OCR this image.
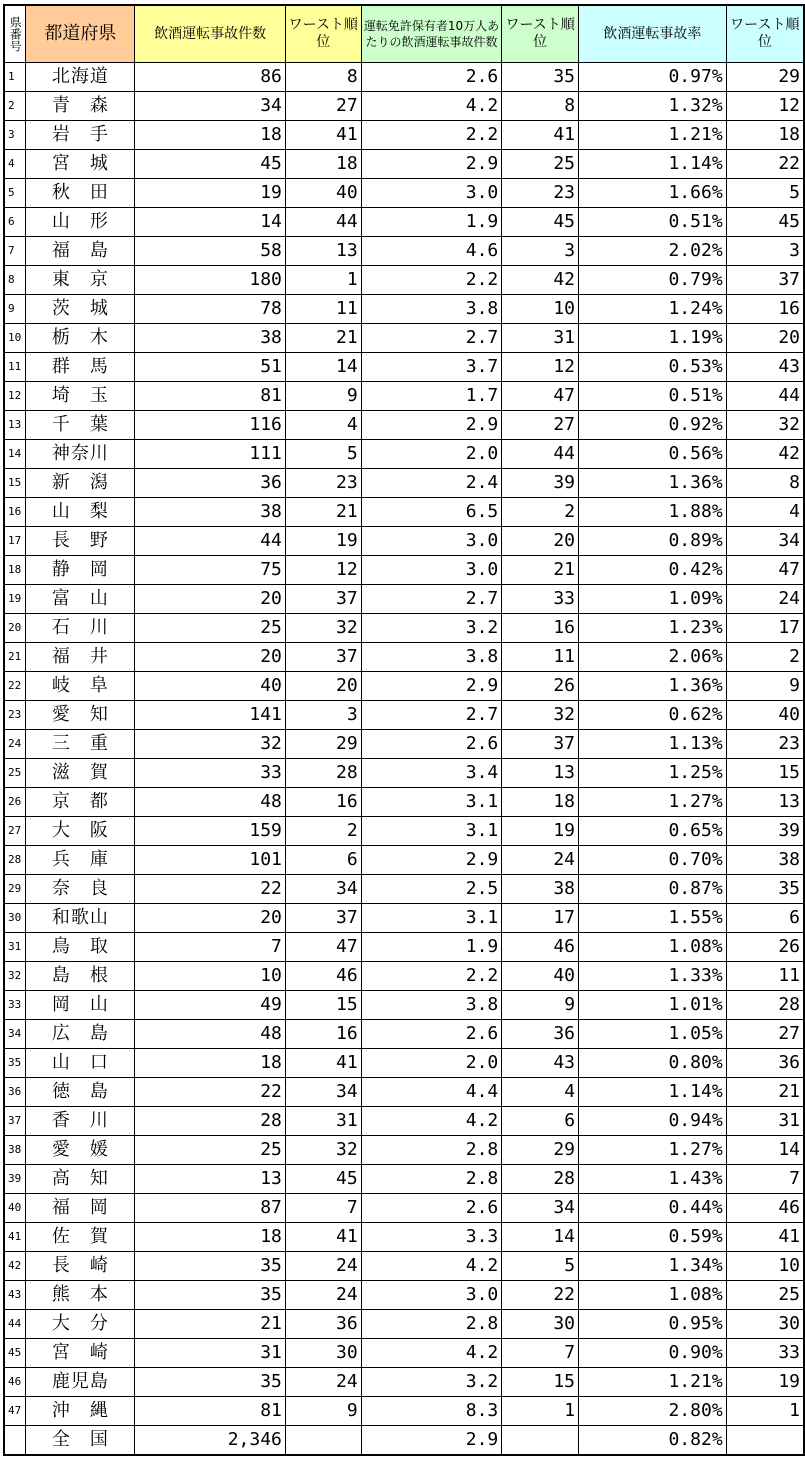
県番号	都道府県	飲酒運転事故件数	ワースト順位	運転免許保有者10万人あたりの飲酒運転事故件数	ワースト順位	飲酒運転事故率	ワースト順位
1	北海道	86	8	2.6	35	0.97%	29
2	青　森	34	27	4.2	8	1.32%	12
3	岩　手	18	41	2.2	41	1.21%	18
4	宮　城	45	18	2.9	25	1.14%	22
5	秋　田	19	40	3.0	23	1.66%	5
6	山　形	14	44	1.9	45	0.51%	45
7	福　島	58	13	4.6	3	2.02%	3
8	東　京	180	1	2.2	42	0.79%	37
9	茨　城	78	11	3.8	10	1.24%	16
10	栃　木	38	21	2.7	31	1.19%	20
11	群　馬	51	14	3.7	12	0.53%	43
12	埼　玉	81	9	1.7	47	0.51%	44
13	千　葉	116	4	2.9	27	0.92%	32
14	神奈川	111	5	2.0	44	0.56%	42
15	新　潟	36	23	2.4	39	1.36%	8
16	山　梨	38	21	6.5	2	1.88%	4
17	長　野	44	19	3.0	20	0.89%	34
18	静　岡	75	12	3.0	21	0.42%	47
19	富　山	20	37	2.7	33	1.09%	24
20	石　川	25	32	3.2	16	1.23%	17
21	福　井	20	37	3.8	11	2.06%	2
22	岐　阜	40	20	2.9	26	1.36%	9
23	愛　知	141	3	2.7	32	0.62%	40
24	三　重	32	29	2.6	37	1.13%	23
25	滋　賀	33	28	3.4	13	1.25%	15
26	京　都	48	16	3.1	18	1.27%	13
27	大　阪	159	2	3.1	19	0.65%	39
28	兵　庫	101	6	2.9	24	0.70%	38
29	奈　良	22	34	2.5	38	0.87%	35
30	和歌山	20	37	3.1	17	1.55%	6
31	鳥　取	7	47	1.9	46	1.08%	26
32	島　根	10	46	2.2	40	1.33%	11
33	岡　山	49	15	3.8	9	1.01%	28
34	広　島	48	16	2.6	36	1.05%	27
35	山　口	18	41	2.0	43	0.80%	36
36	徳　島	22	34	4.4	4	1.14%	21
37	香　川	28	31	4.2	6	0.94%	31
38	愛　媛	25	32	2.8	29	1.27%	14
39	高　知	13	45	2.8	28	1.43%	7
40	福　岡	87	7	2.6	34	0.44%	46
41	佐　賀	18	41	3.3	14	0.59%	41
42	長　崎	35	24	4.2	5	1.34%	10
43	熊　本	35	24	3.0	22	1.08%	25
44	大　分	21	36	2.8	30	0.95%	30
45	宮　崎	31	30	4.2	7	0.90%	33
46	鹿児島	35	24	3.2	15	1.21%	19
47	沖　縄	81	9	8.3	1	2.80%	1
	全　国	2,346		2.9		0.82%	
